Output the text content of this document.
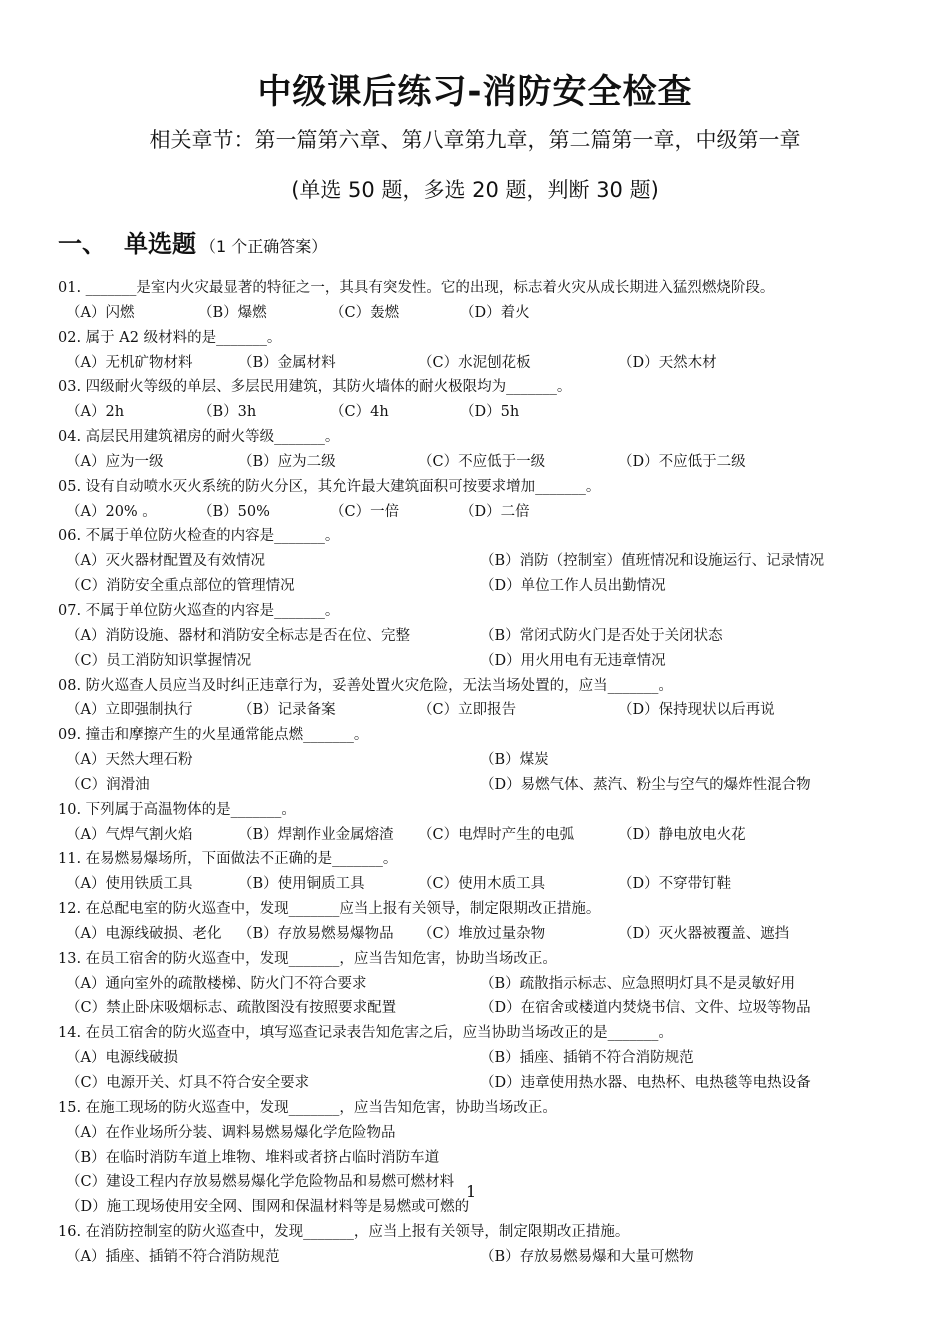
中级课后练习-消防安全检查
相关章节：第一篇第六章、第八章第九章，第二篇第一章，中级第一章
(单选 50 题，多选 20 题，判断 30 题)
一、 单选题 （1 个正确答案）
01. _______是室内火灾最显著的特征之一，其具有突发性。它的出现，标志着火灾从成长期进入猛烈燃烧阶段。
（A）闪燃	（B）爆燃	（C）轰燃	（D）着火
02. 属于 A2 级材料的是_______。
（A）无机矿物材料	（B）金属材料	（C）水泥刨花板	（D）天然木材
03. 四级耐火等级的单层、多层民用建筑，其防火墙体的耐火极限均为_______。
（A）2h	（B）3h	（C）4h	（D）5h
04. 高层民用建筑裙房的耐火等级_______。
（A）应为一级	（B）应为二级	（C）不应低于一级	（D）不应低于二级
05. 设有自动喷水灭火系统的防火分区，其允许最大建筑面积可按要求增加_______。
（A）20% 。	（B）50%	（C）一倍	（D）二倍
06. 不属于单位防火检查的内容是_______。
（A）灭火器材配置及有效情况	（B）消防（控制室）值班情况和设施运行、记录情况
（C）消防安全重点部位的管理情况	（D）单位工作人员出勤情况
07. 不属于单位防火巡查的内容是_______。
（A）消防设施、器材和消防安全标志是否在位、完整	（B）常闭式防火门是否处于关闭状态
（C）员工消防知识掌握情况	（D）用火用电有无违章情况
08. 防火巡查人员应当及时纠正违章行为，妥善处置火灾危险，无法当场处置的，应当_______。
（A）立即强制执行	（B）记录备案	（C）立即报告	（D）保持现状以后再说
09. 撞击和摩擦产生的火星通常能点燃_______。
（A）天然大理石粉	（B）煤炭
（C）润滑油	（D）易燃气体、蒸汽、粉尘与空气的爆炸性混合物
10. 下列属于高温物体的是_______。
（A）气焊气割火焰	（B）焊割作业金属熔渣 （C）电焊时产生的电弧	（D）静电放电火花
11. 在易燃易爆场所，下面做法不正确的是_______。
（A）使用铁质工具	（B）使用铜质工具	（C）使用木质工具	（D）不穿带钉鞋
12. 在总配电室的防火巡查中，发现_______应当上报有关领导，制定限期改正措施。
（A）电源线破损、老化 （B）存放易燃易爆物品 （C）堆放过量杂物	（D）灭火器被覆盖、遮挡
13. 在员工宿舍的防火巡查中，发现_______，应当告知危害，协助当场改正。
（A）通向室外的疏散楼梯、防火门不符合要求	（B）疏散指示标志、应急照明灯具不是灵敏好用
（C）禁止卧床吸烟标志、疏散图没有按照要求配置	（D）在宿舍或楼道内焚烧书信、文件、垃圾等物品
14. 在员工宿舍的防火巡查中，填写巡查记录表告知危害之后，应当协助当场改正的是_______。
（A）电源线破损	（B）插座、插销不符合消防规范
（C）电源开关、灯具不符合安全要求	（D）违章使用热水器、电热杯、电热毯等电热设备
15. 在施工现场的防火巡查中，发现_______，应当告知危害，协助当场改正。
（A）在作业场所分装、调料易燃易爆化学危险物品
（B）在临时消防车道上堆物、堆料或者挤占临时消防车道
（C）建设工程内存放易燃易爆化学危险物品和易燃可燃材料
（D）施工现场使用安全网、围网和保温材料等是易燃或可燃的
16. 在消防控制室的防火巡查中，发现_______，应当上报有关领导，制定限期改正措施。
（A）插座、插销不符合消防规范	（B）存放易燃易爆和大量可燃物
1
